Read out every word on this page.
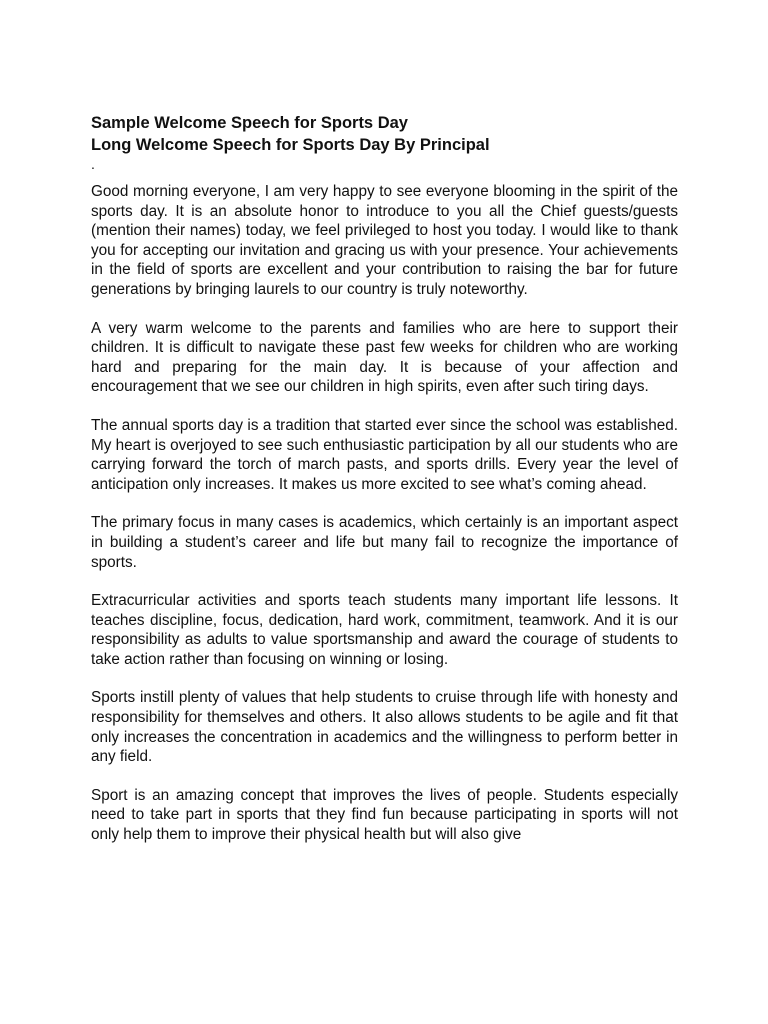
Sample Welcome Speech for Sports Day

Long Welcome Speech for Sports Day By Principal

.

Good morning everyone, I am very happy to see everyone blooming in the spirit of the sports day. It is an absolute honor to introduce to you all the Chief guests/guests (mention their names) today, we feel privileged to host you today. I would like to thank you for accepting our invitation and gracing us with your presence. Your achievements in the field of sports are excellent and your contribution to raising the bar for future generations by bringing laurels to our country is truly noteworthy.

A very warm welcome to the parents and families who are here to support their children. It is difficult to navigate these past few weeks for children who are working hard and preparing for the main day. It is because of your affection and encouragement that we see our children in high spirits, even after such tiring days.

The annual sports day is a tradition that started ever since the school was established. My heart is overjoyed to see such enthusiastic participation by all our students who are carrying forward the torch of march pasts, and sports drills. Every year the level of anticipation only increases. It makes us more excited to see what’s coming ahead.

The primary focus in many cases is academics, which certainly is an important aspect in building a student’s career and life but many fail to recognize the importance of sports.

Extracurricular activities and sports teach students many important life lessons. It teaches discipline, focus, dedication, hard work, commitment, teamwork. And it is our responsibility as adults to value sportsmanship and award the courage of students to take action rather than focusing on winning or losing.

Sports instill plenty of values that help students to cruise through life with honesty and responsibility for themselves and others. It also allows students to be agile and fit that only increases the concentration in academics and the willingness to perform better in any field.

Sport is an amazing concept that improves the lives of people. Students especially need to take part in sports that they find fun because participating in sports will not only help them to improve their physical health but will also give
